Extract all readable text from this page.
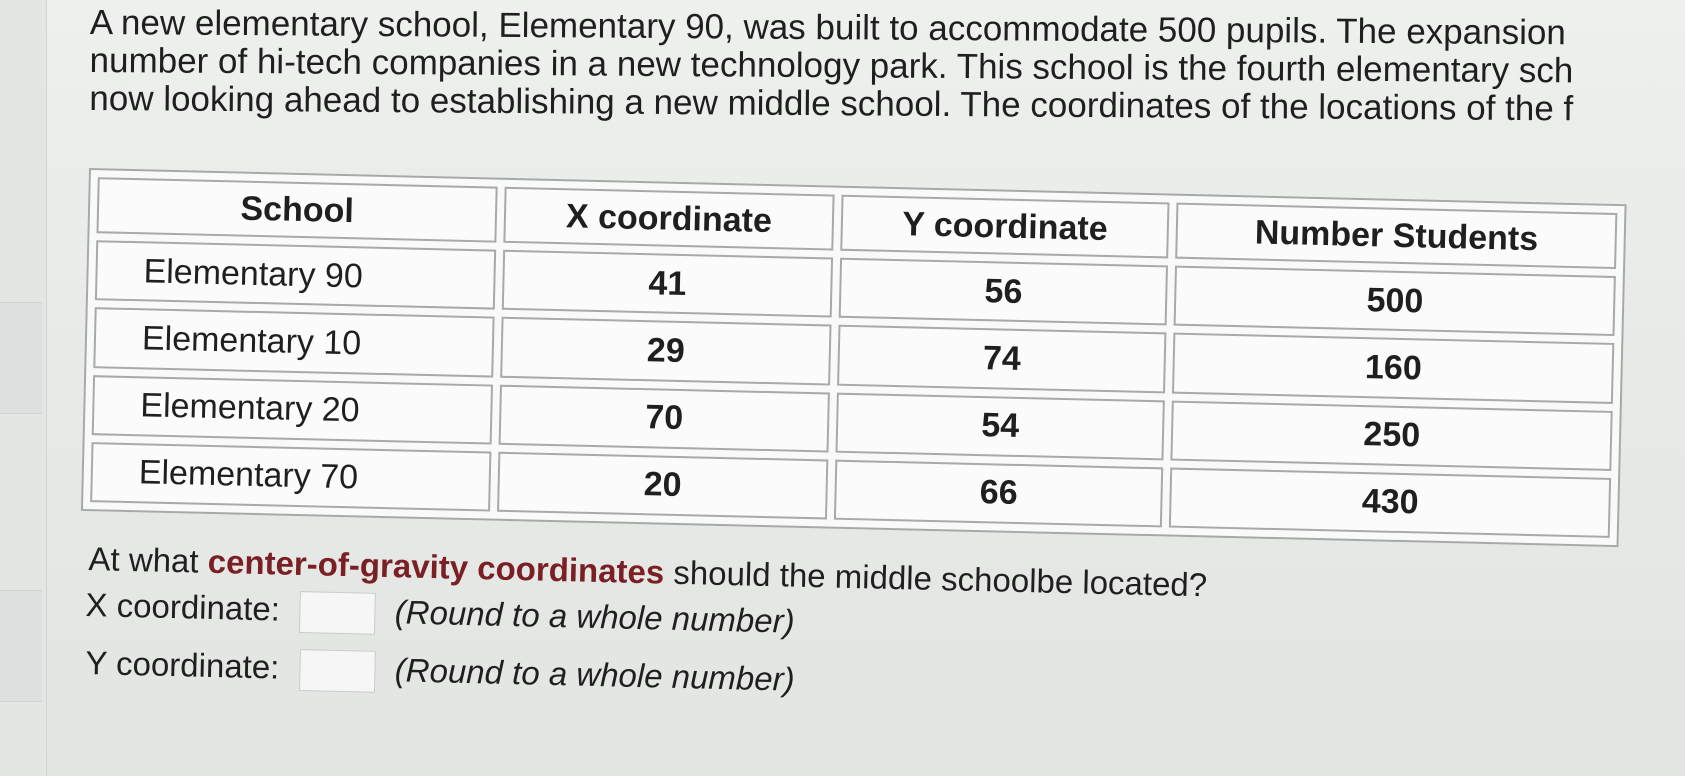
A new elementary school, Elementary 90, was built to accommodate 500 pupils. The expansion
number of hi-tech companies in a new technology park. This school is the fourth elementary sch
now looking ahead to establishing a new middle school. The coordinates of the locations of the f
School	X coordinate	Y coordinate	Number Students
Elementary 90	41	56	500
Elementary 10	29	74	160
Elementary 20	70	54	250
Elementary 70	20	66	430
At what center-of-gravity coordinates should the middle schoolbe located?
X coordinate:	(Round to a whole number)
Y coordinate:	(Round to a whole number)
